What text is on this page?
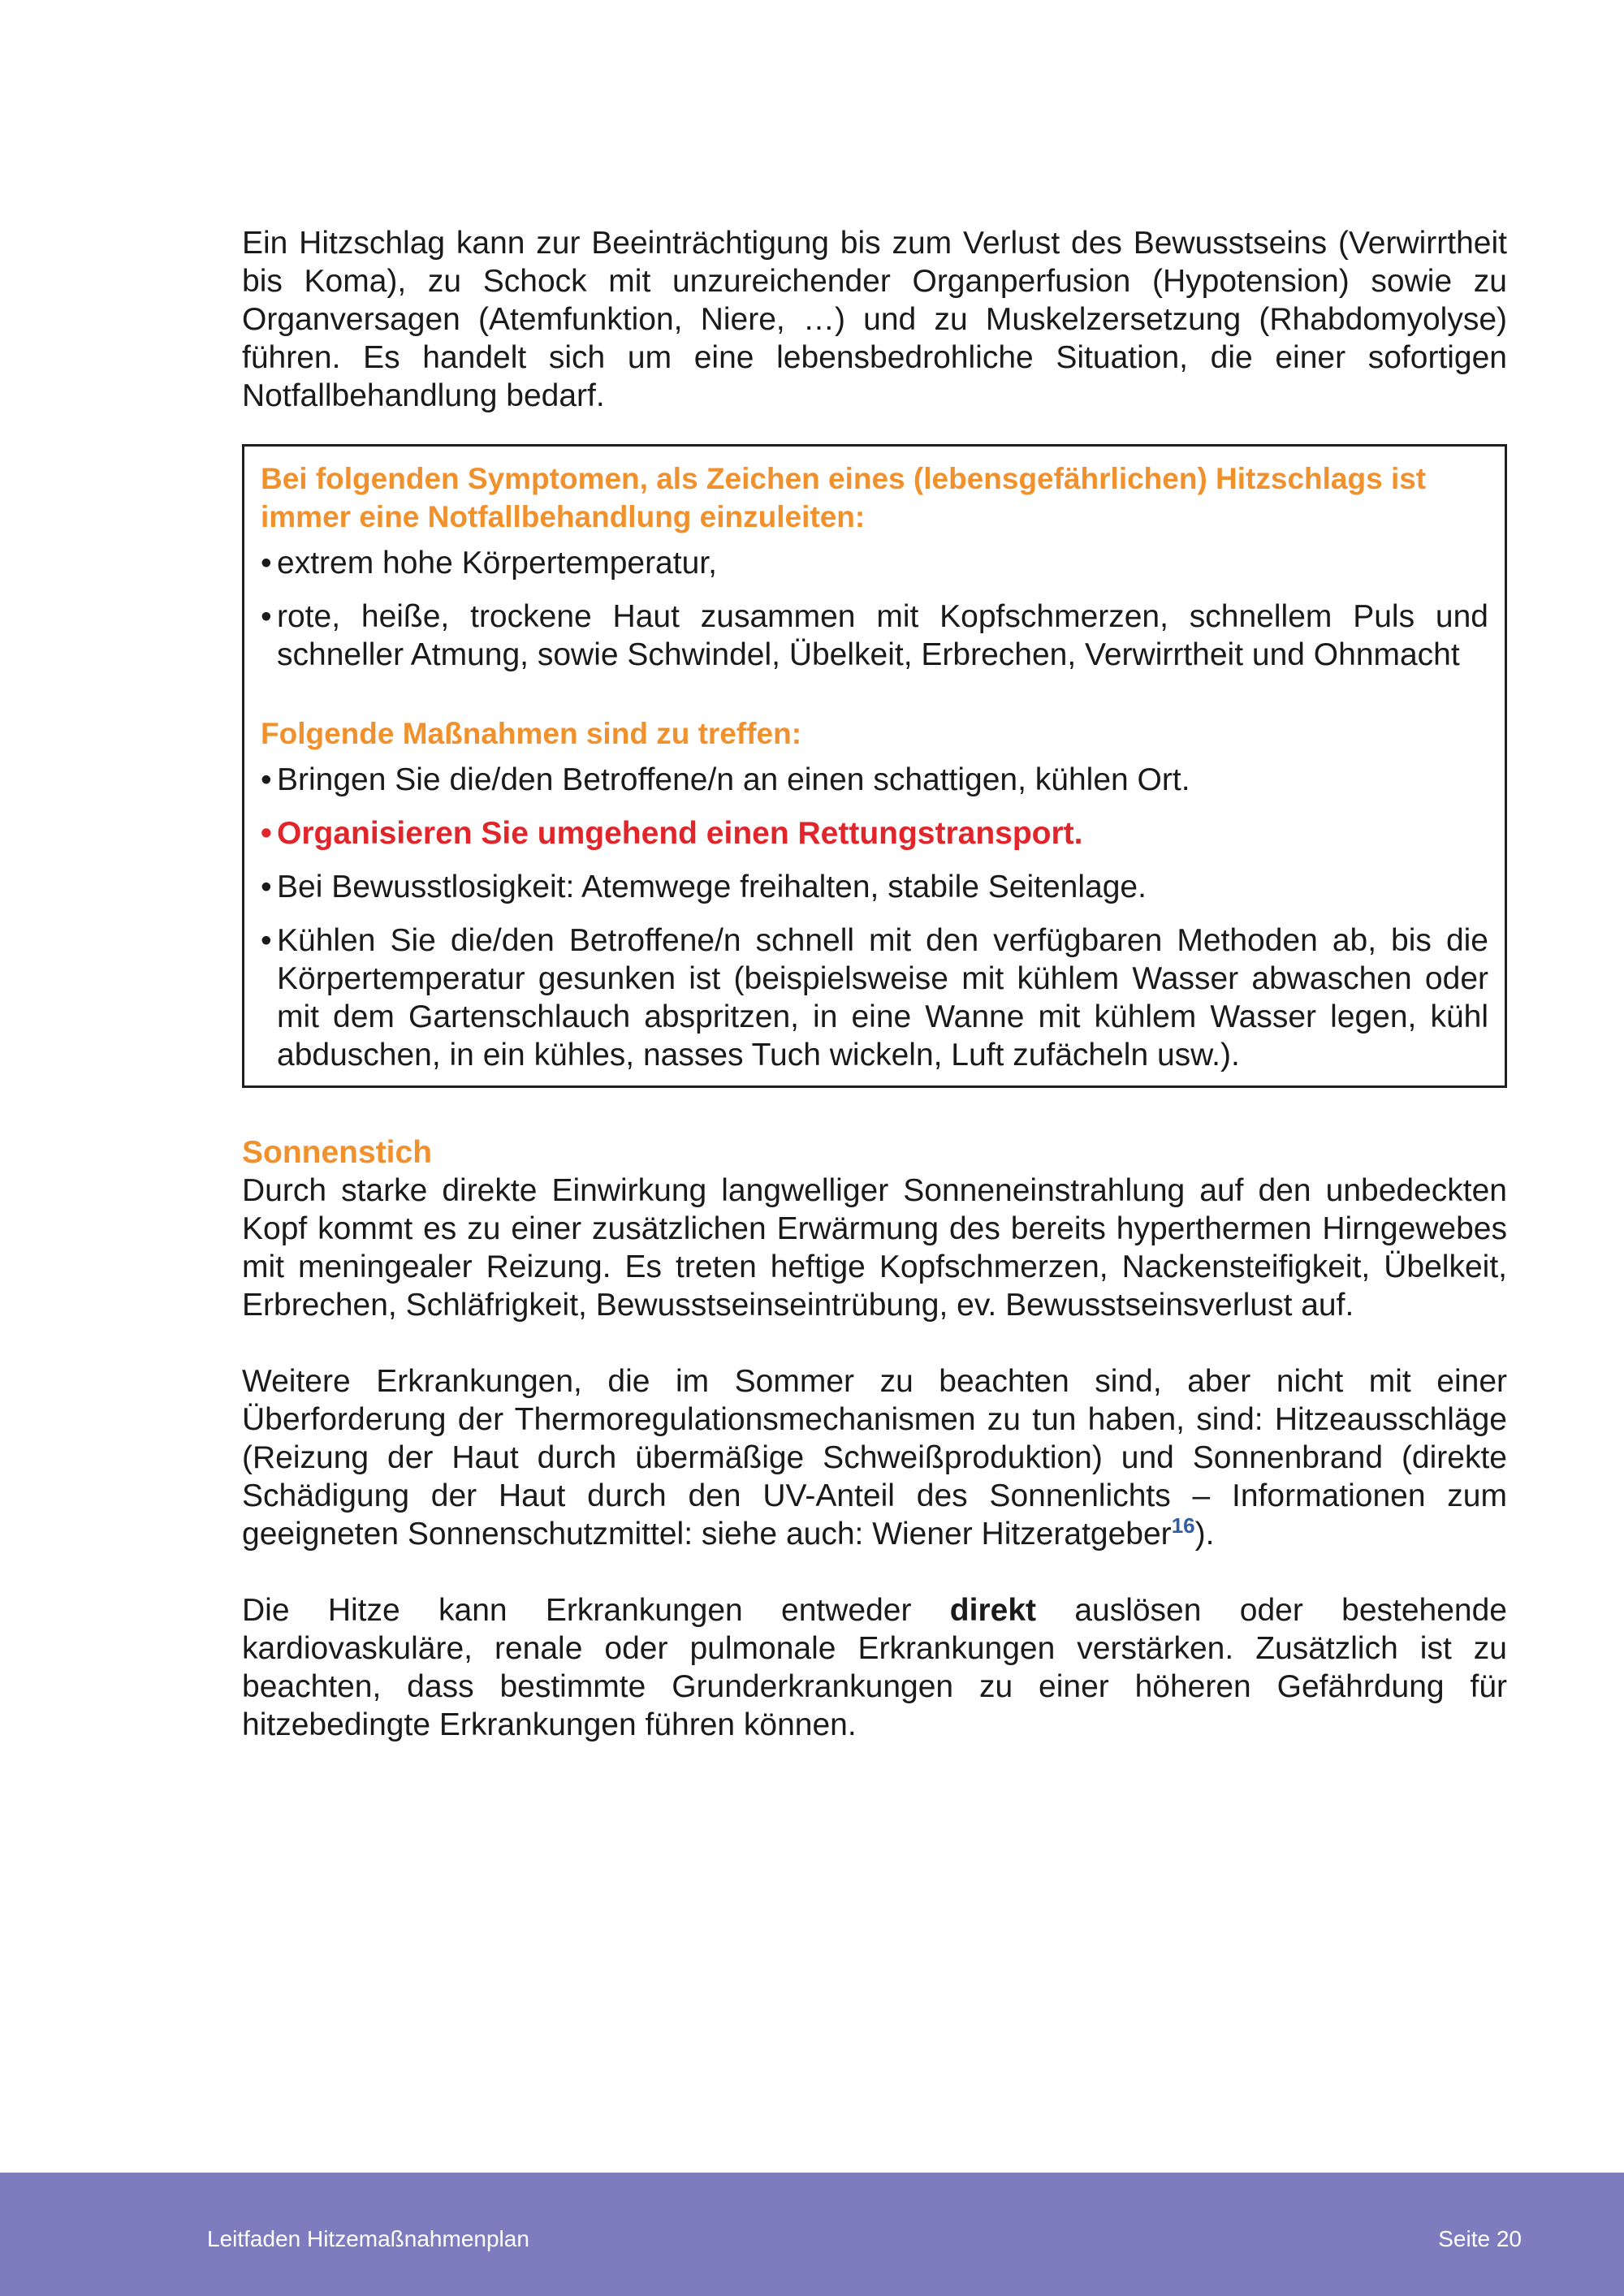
Ein Hitzschlag kann zur Beeinträchtigung bis zum Verlust des Bewusstseins (Verwirrtheit bis Koma), zu Schock mit unzureichender Organperfusion (Hypotension) sowie zu Organversagen (Atemfunktion, Niere, …) und zu Muskelzersetzung (Rhabdomyolyse) führen. Es handelt sich um eine lebensbedrohliche Situation, die einer sofortigen Notfallbehandlung bedarf.

Bei folgenden Symptomen, als Zeichen eines (lebensgefährlichen) Hitzschlags ist immer eine Notfallbehandlung einzuleiten:
• extrem hohe Körpertemperatur,
• rote, heiße, trockene Haut zusammen mit Kopfschmerzen, schnellem Puls und schneller Atmung, sowie Schwindel, Übelkeit, Erbrechen, Verwirrtheit und Ohnmacht
Folgende Maßnahmen sind zu treffen:
• Bringen Sie die/den Betroffene/n an einen schattigen, kühlen Ort.
• Organisieren Sie umgehend einen Rettungstransport.
• Bei Bewusstlosigkeit: Atemwege freihalten, stabile Seitenlage.
• Kühlen Sie die/den Betroffene/n schnell mit den verfügbaren Methoden ab, bis die Körpertemperatur gesunken ist (beispielsweise mit kühlem Wasser abwaschen oder mit dem Gartenschlauch abspritzen, in eine Wanne mit kühlem Wasser legen, kühl abduschen, in ein kühles, nasses Tuch wickeln, Luft zufächeln usw.).
Sonnenstich

Durch starke direkte Einwirkung langwelliger Sonneneinstrahlung auf den unbedeckten Kopf kommt es zu einer zusätzlichen Erwärmung des bereits hyperthermen Hirngewebes mit meningealer Reizung. Es treten heftige Kopfschmerzen, Nackensteifigkeit, Übelkeit, Erbrechen, Schläfrigkeit, Bewusstseinseintrübung, ev. Bewusstseinsverlust auf.

Weitere Erkrankungen, die im Sommer zu beachten sind, aber nicht mit einer Überforderung der Thermoregulationsmechanismen zu tun haben, sind: Hitzeausschläge (Reizung der Haut durch übermäßige Schweißproduktion) und Sonnenbrand (direkte Schädigung der Haut durch den UV-Anteil des Sonnenlichts – Informationen zum geeigneten Sonnenschutzmittel: siehe auch: Wiener Hitzeratgeber$^{16}$).

Die Hitze kann Erkrankungen entweder direkt auslösen oder bestehende kardiovaskuläre, renale oder pulmonale Erkrankungen verstärken. Zusätzlich ist zu beachten, dass bestimmte Grunderkrankungen zu einer höheren Gefährdung für hitzebedingte Erkrankungen führen können.

Leitfaden Hitzemaßnahmenplan	Seite 20
